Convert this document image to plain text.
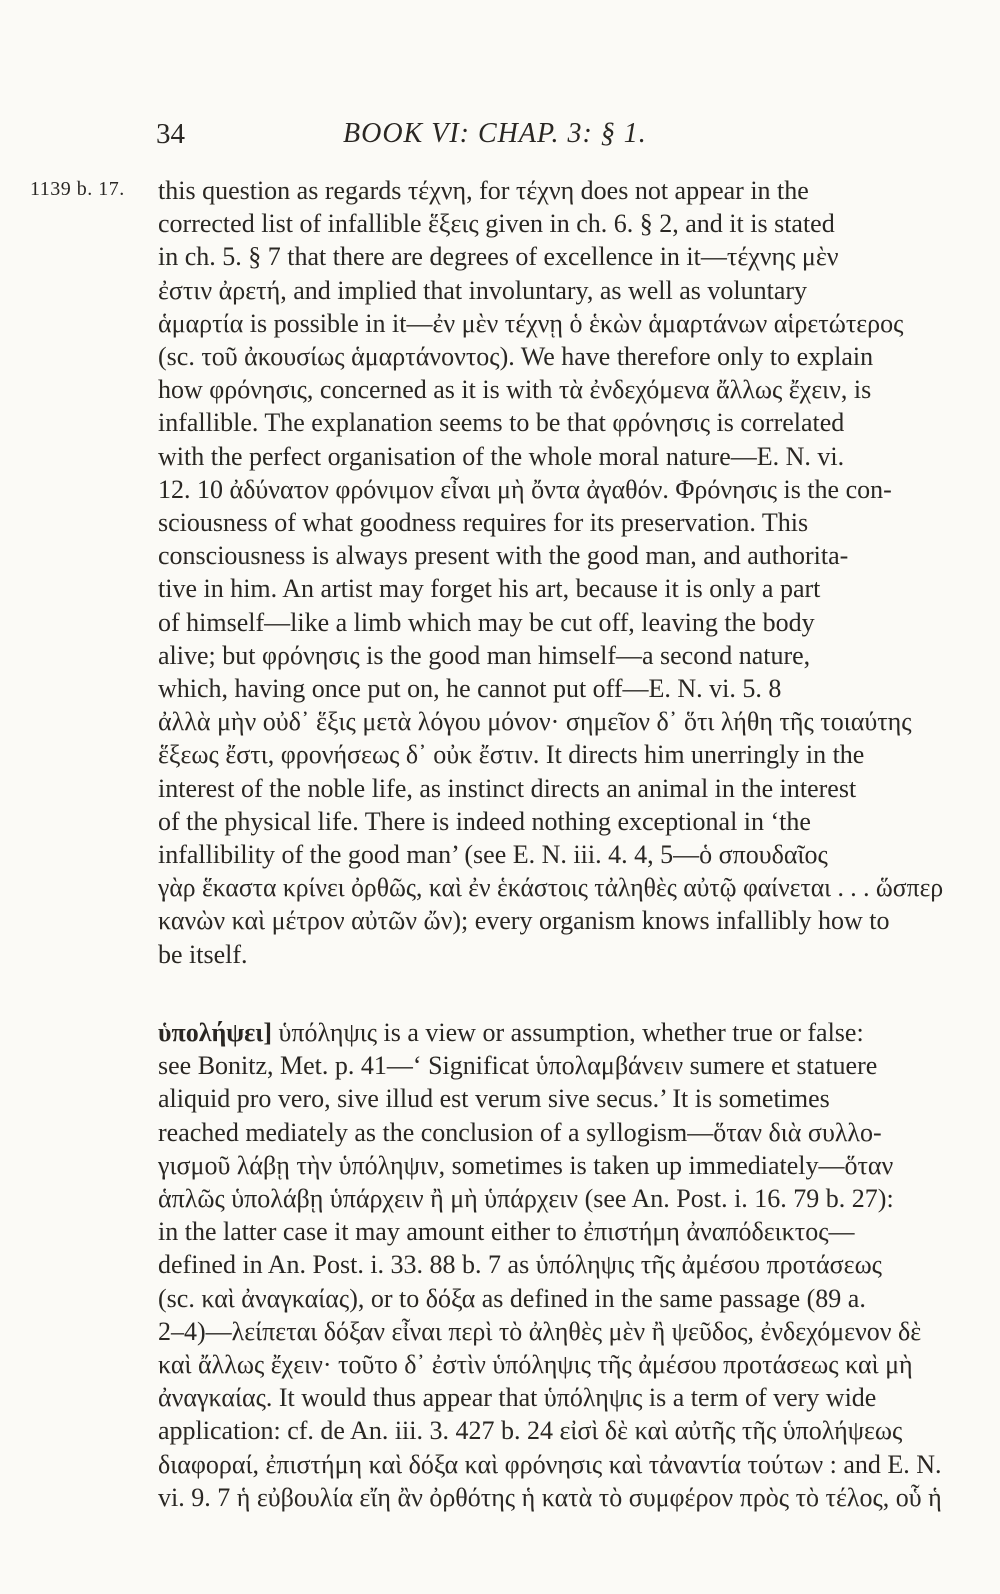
34	BOOK VI: CHAP. 3: § 1.
1139 b. 17. this question as regards τέχνη, for τέχνη does not appear in the
corrected list of infallible ἕξεις given in ch. 6. § 2, and it is stated
in ch. 5. § 7 that there are degrees of excellence in it—τέχνης μὲν
ἐστιν ἀρετή, and implied that involuntary, as well as voluntary
ἁμαρτία is possible in it—ἐν μὲν τέχνῃ ὁ ἑκὼν ἁμαρτάνων αἱρετώτερος
(sc. τοῦ ἀκουσίως ἁμαρτάνοντος). We have therefore only to explain
how φρόνησις, concerned as it is with τὰ ἐνδεχόμενα ἄλλως ἔχειν, is
infallible. The explanation seems to be that φρόνησις is correlated
with the perfect organisation of the whole moral nature—E. N. vi.
12. 10 ἀδύνατον φρόνιμον εἶναι μὴ ὄντα ἀγαθόν. Φρόνησις is the con-
sciousness of what goodness requires for its preservation. This
consciousness is always present with the good man, and authorita-
tive in him. An artist may forget his art, because it is only a part
of himself—like a limb which may be cut off, leaving the body
alive; but φρόνησις is the good man himself—a second nature,
which, having once put on, he cannot put off—E. N. vi. 5. 8
ἀλλὰ μὴν οὐδ᾽ ἕξις μετὰ λόγου μόνον· σημεῖον δ᾽ ὅτι λήθη τῆς τοιαύτης
ἕξεως ἔστι, φρονήσεως δ᾽ οὐκ ἔστιν. It directs him unerringly in the
interest of the noble life, as instinct directs an animal in the interest
of the physical life. There is indeed nothing exceptional in ‘the
infallibility of the good man’ (see E. N. iii. 4. 4, 5—ὁ σπουδαῖος
γὰρ ἕκαστα κρίνει ὀρθῶς, καὶ ἐν ἑκάστοις τἀληθὲς αὐτῷ φαίνεται . . . ὥσπερ
κανὼν καὶ μέτρον αὐτῶν ὤν); every organism knows infallibly how to
be itself.
ὑπολήψει] ὑπόληψις is a view or assumption, whether true or false:
see Bonitz, Met. p. 41—‘ Significat ὑπολαμβάνειν sumere et statuere
aliquid pro vero, sive illud est verum sive secus.’ It is sometimes
reached mediately as the conclusion of a syllogism—ὅταν διὰ συλλο-
γισμοῦ λάβῃ τὴν ὑπόληψιν, sometimes is taken up immediately—ὅταν
ἁπλῶς ὑπολάβῃ ὑπάρχειν ἢ μὴ ὑπάρχειν (see An. Post. i. 16. 79 b. 27):
in the latter case it may amount either to ἐπιστήμη ἀναπόδεικτος—
defined in An. Post. i. 33. 88 b. 7 as ὑπόληψις τῆς ἀμέσου προτάσεως
(sc. καὶ ἀναγκαίας), or to δόξα as defined in the same passage (89 a.
2–4)—λείπεται δόξαν εἶναι περὶ τὸ ἀληθὲς μὲν ἢ ψεῦδος, ἐνδεχόμενον δὲ
καὶ ἄλλως ἔχειν· τοῦτο δ᾽ ἐστὶν ὑπόληψις τῆς ἀμέσου προτάσεως καὶ μὴ
ἀναγκαίας. It would thus appear that ὑπόληψις is a term of very wide
application: cf. de An. iii. 3. 427 b. 24 εἰσὶ δὲ καὶ αὐτῆς τῆς ὑπολήψεως
διαφοραί, ἐπιστήμη καὶ δόξα καὶ φρόνησις καὶ τἀναντία τούτων : and E. N.
vi. 9. 7 ἡ εὐβουλία εἴη ἂν ὀρθότης ἡ κατὰ τὸ συμφέρον πρὸς τὸ τέλος, οὗ ἡ
